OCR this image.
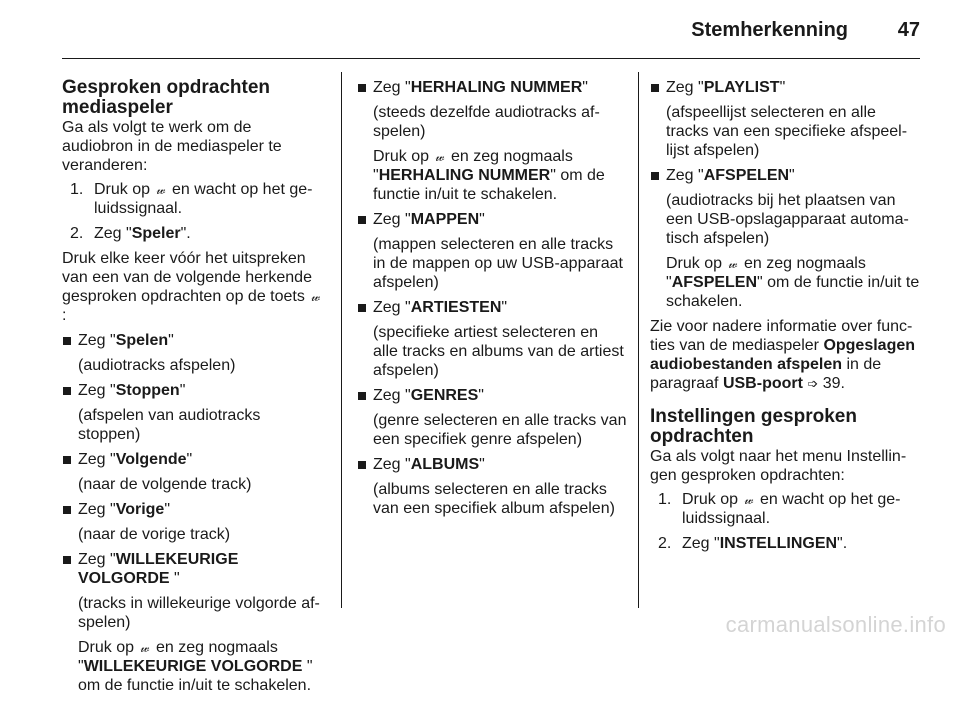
Stemherkenning 47
Gesproken opdrachten mediaspeler

Ga als volgt te werk om de audiobron in de mediaspeler te veranderen:

1. Druk op 𝓌 en wacht op het geluidssignaal.
2. Zeg "Speler".

Druk elke keer vóór het uitspreken van een van de volgende herkende gesproken opdrachten op de toets 𝓌:

Zeg "Spelen"
(audiotracks afspelen)
Zeg "Stoppen"
(afspelen van audiotracks stoppen)
Zeg "Volgende"
(naar de volgende track)
Zeg "Vorige"
(naar de vorige track)
Zeg "WILLEKEURIGE VOLGORDE "
(tracks in willekeurige volgorde afspelen)
Druk op 𝓌 en zeg nogmaals
"WILLEKEURIGE VOLGORDE " om de functie in/uit te schakelen.
Zeg "HERHALING NUMMER"
(steeds dezelfde audiotracks afspelen)
Druk op 𝓌 en zeg nogmaals
"HERHALING NUMMER" om de functie in/uit te schakelen.
Zeg "MAPPEN"
(mappen selecteren en alle tracks in de mappen op uw USB-apparaat afspelen)
Zeg "ARTIESTEN"
(specifieke artiest selecteren en alle tracks en albums van de artiest afspelen)
Zeg "GENRES"
(genre selecteren en alle tracks van een specifiek genre afspelen)
Zeg "ALBUMS"
(albums selecteren en alle tracks van een specifiek album afspelen)
Zeg "PLAYLIST"
(afspeellijst selecteren en alle tracks van een specifieke afspeellijst afspelen)
Zeg "AFSPELEN"
(audiotracks bij het plaatsen van een USB-opslagapparaat automatisch afspelen)
Druk op 𝓌 en zeg nogmaals
"AFSPELEN" om de functie in/uit te schakelen.

Zie voor nadere informatie over functies van de mediaspeler Opgeslagen audiobestanden afspelen in de paragraaf USB-poort ➩ 39.

Instellingen gesproken opdrachten

Ga als volgt naar het menu Instellingen gesproken opdrachten:

1. Druk op 𝓌 en wacht op het geluidssignaal.
2. Zeg "INSTELLINGEN".
carmanualsonline.info
